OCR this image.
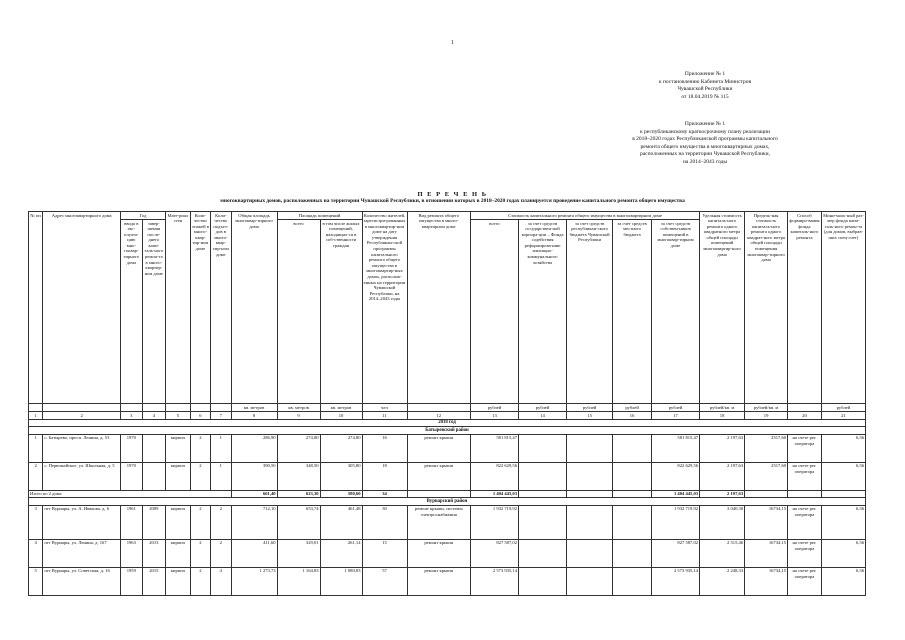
1
Приложение № 1
к постановлению Кабинета Министров
Чувашской Республики
от 18.04.2019 № 115
Приложение № 1
к республиканскому краткосрочному плану реализации
в 2018–2020 годах Республиканской программы капитального
ремонта общего имущества в многоквартирных домах,
расположенных на территории Чувашской Республики,
на 2014–2043 годы
П Е Р Е Ч Е Н Ь
многоквартирных домов, расположенных на территории Чувашской Республики, в отношении которых в 2018–2020 годах планируется проведение капитального ремонта общего имущества
№ пп	Адрес многоквартирного дома	Год		Мате-риал стен	Коли-чество этажей в много-квар-тир-ном доме	Коли-чество подъез-дов в много-квар-тир-ном доме	Общая площадь многоквар-тирного дома	Площадь помещений		Количество жителей, зарегистри-рованных в многоквартир-ном доме на дату утверждения Республикан-ской программы капитального ремонта общего имущества в многоквартир-ных домах, располож-енных на территории Чувашской Республики, на 2014–2043 годы	Вид ремонта общего имущества в много-квартирном доме	Стоимость капитального ремонта общего имущества в многоквартирном доме					Удельная стоимость капиталь-ного ремонта одного квадратного метра общей площади помещений многоквартир-ного дома	Предель-ная стоимость капиталь-ного ремонта одного квадрат-ного метра общей площади помещения многоквар-тирного дома	Способ формиро-вания фонда капиталь-ного ремонта	Мини-маль-ный раз-мер фонда капи-таль-ного ремон-та (для домов, выбрав-ших спец-счет)
		ввода в экс-плуата-цию мно-гоквар-тирного дома	завер-шения после-днего капи-таль-ного ремон-та в много-квартир-ном доме					всего	в том числе жилых помещений, находящих-ся в соб-ственности граждан			всего	за счет средств государствен-ной корпора-ции – Фонда содействия реформирова-нию жилищно-коммунального хозяйства	за счет средств республикан-ского бюджета Чувашской Республики	за счет средств местного бюджета	за счет средств собствен-ников помещений в многоквар-тирном доме				
							кв. метров	кв. метров	кв. метров	чел		рублей	рублей	рублей	рублей	рублей	рублей/кв. м	рублей/кв. м		рублей
1	2	3	4	5	6	7	8	9	10	11	12	13	14	15	16	17	18	19	20	21
2018 год																				
Батыревский район																				
1	с. Батырево, просп. Ленина, д. 53	1970		кирпич	2	1	286,90	274,80	274,80	16	ремонт крыши	581 815,47				581 815,47	2 197,63	2517,60	на счете рег. оператора	6,36
2	с. Первомайское, ул. Школьная, д. 5	1970		кирпич	2	1	390,50	348,50	305,80	18	ремонт крыши	822 629,56				822 629,56	2 197,63	2517,60	на счете рег. оператора	6,36
Итого по 2 дома							661,40	623,30	580,60	34		1 404 445,03				1 404 445,03	2 197,63			
Вурнарский район																				
3	пгт Вурнары, ул. А. Ивакова, д. 6	1961	2009	кирпич	2	2	712,10	653,74	461,48	30	ремонт крыши, системы электроснабжения	1 932 719,92				1 932 719,92	3 040,30	16734,15	на счете рег. оператора	6,36
4	пгт Вурнары, ул. Ленина, д. 167	1963	2013	кирпич	2	2	411,60	329,01	261,14	15	ремонт крыши	827 587,02				827 587,02	2 515,46	16734,15	на счете рег. оператора	6,36
5	пгт Вурнары, ул. Советская, д. 16	1959	2015	кирпич	2	4	1 273,73	1 164,83	1 080,83	57	ремонт крыши	2 573 935,14				2 573 935,14	2 248,33	16734,15	на счете рег. оператора	6,36
